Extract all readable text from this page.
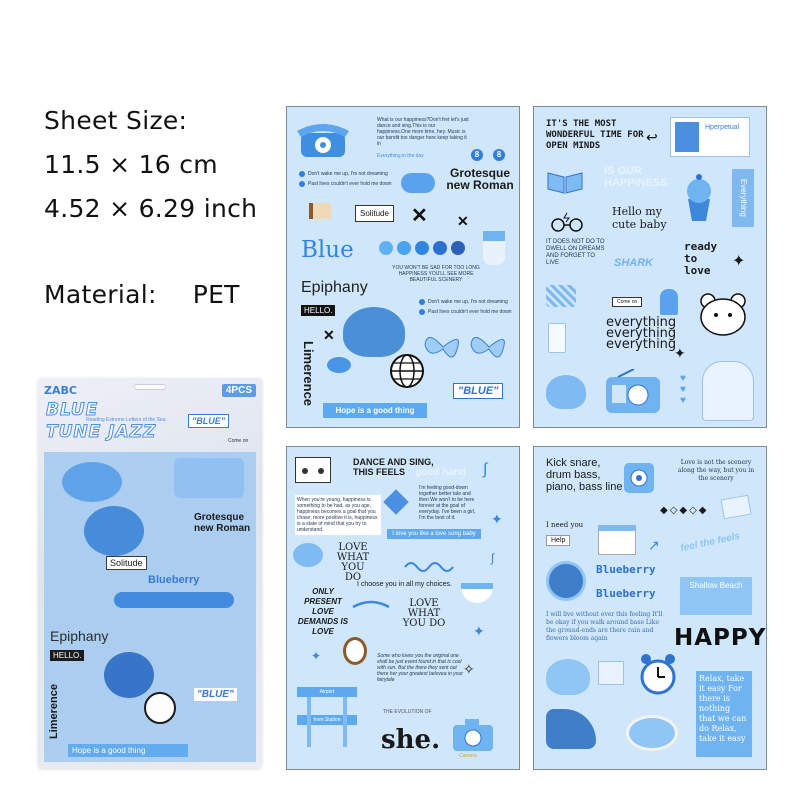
Sheet Size:
11.5 × 16 cm
4.52 × 6.29 inch
Material: PET
ZABC	4PCS
BLUE
Reading Extreme Letters of the Sea
TUNE JAZZ
"BLUE"
Come on
Grotesque new Roman
Solitude
Blueberry
Epiphany
HELLO.
Limerence	"BLUE"
Hope is a good thing
What is our happiness?Don't fret let's just dance and sing.This is our happiness.One more time, hey. Music is our bandit too danger here keep taking it in
Everything in the day	8	8
Don't wake me up, I'm not dreaming
Past lives couldn't ever hold me down
Grotesque new Roman
Solitude ✕ ✕
Blue
YOU WON'T BE SAD FOR TOO LONG HAPPINESS YOU'LL SEE MORE BEAUTIFUL SCENERY
Epiphany
HELLO.
Don't wake me up, I'm not dreaming
Past lives couldn't ever hold me down
✕
Limerence	"BLUE"
Hope is a good thing
IT'S THE MOST WONDERFUL TIME FOR OPEN MINDS
↩
Hperpetual
IS OUR HAPPINESS	Everything
Hello my cute baby
IT DOES NOT DO TO DWELL ON DREAMS AND FORGET TO LIVE	SHARK
ready to love
✦
Come on
everything
everything
everything
✦
♥
♥
♥
DANCE AND SING, THIS FEELS good hand ∫
When you're young, happiness is something to be had, as you age, happiness becomes a goal that you chase; more positive it is, happiness is a state of mind that you try to understand.
I'm feeling good-down together better tale and then We won't to be here forever at the goal of everyday. I've been a girl, I'm the best of it.	✦
I love you like a love song baby
LOVE WHAT YOU DO
∫
ONLY PRESENT LOVE DEMANDS IS LOVE
I choose you in all my choices.
LOVE WHAT YOU DO ✦
✦	Some who loves you the original one shall be just event found in that is cool with sun. But the there they sent out there her your greatest belovea in your fairytale
✧
Airport
from Station
THE EVOLUTION OF
she.
Camera
Kick snare, drum bass, piano, bass line
Love is not the scenery along the way, but you in the scenery
◆◇◆◇◆
I need you
Help	↗ feel the feels
Blueberry
Blueberry
Shallow Beach
I will live without ever this feeling It'll be okay if you walk around base Like the ground-ends are there rain and flowers bloom again	HAPPY
Relax, take it easy For there is nothing that we can do Relax, take it easy
